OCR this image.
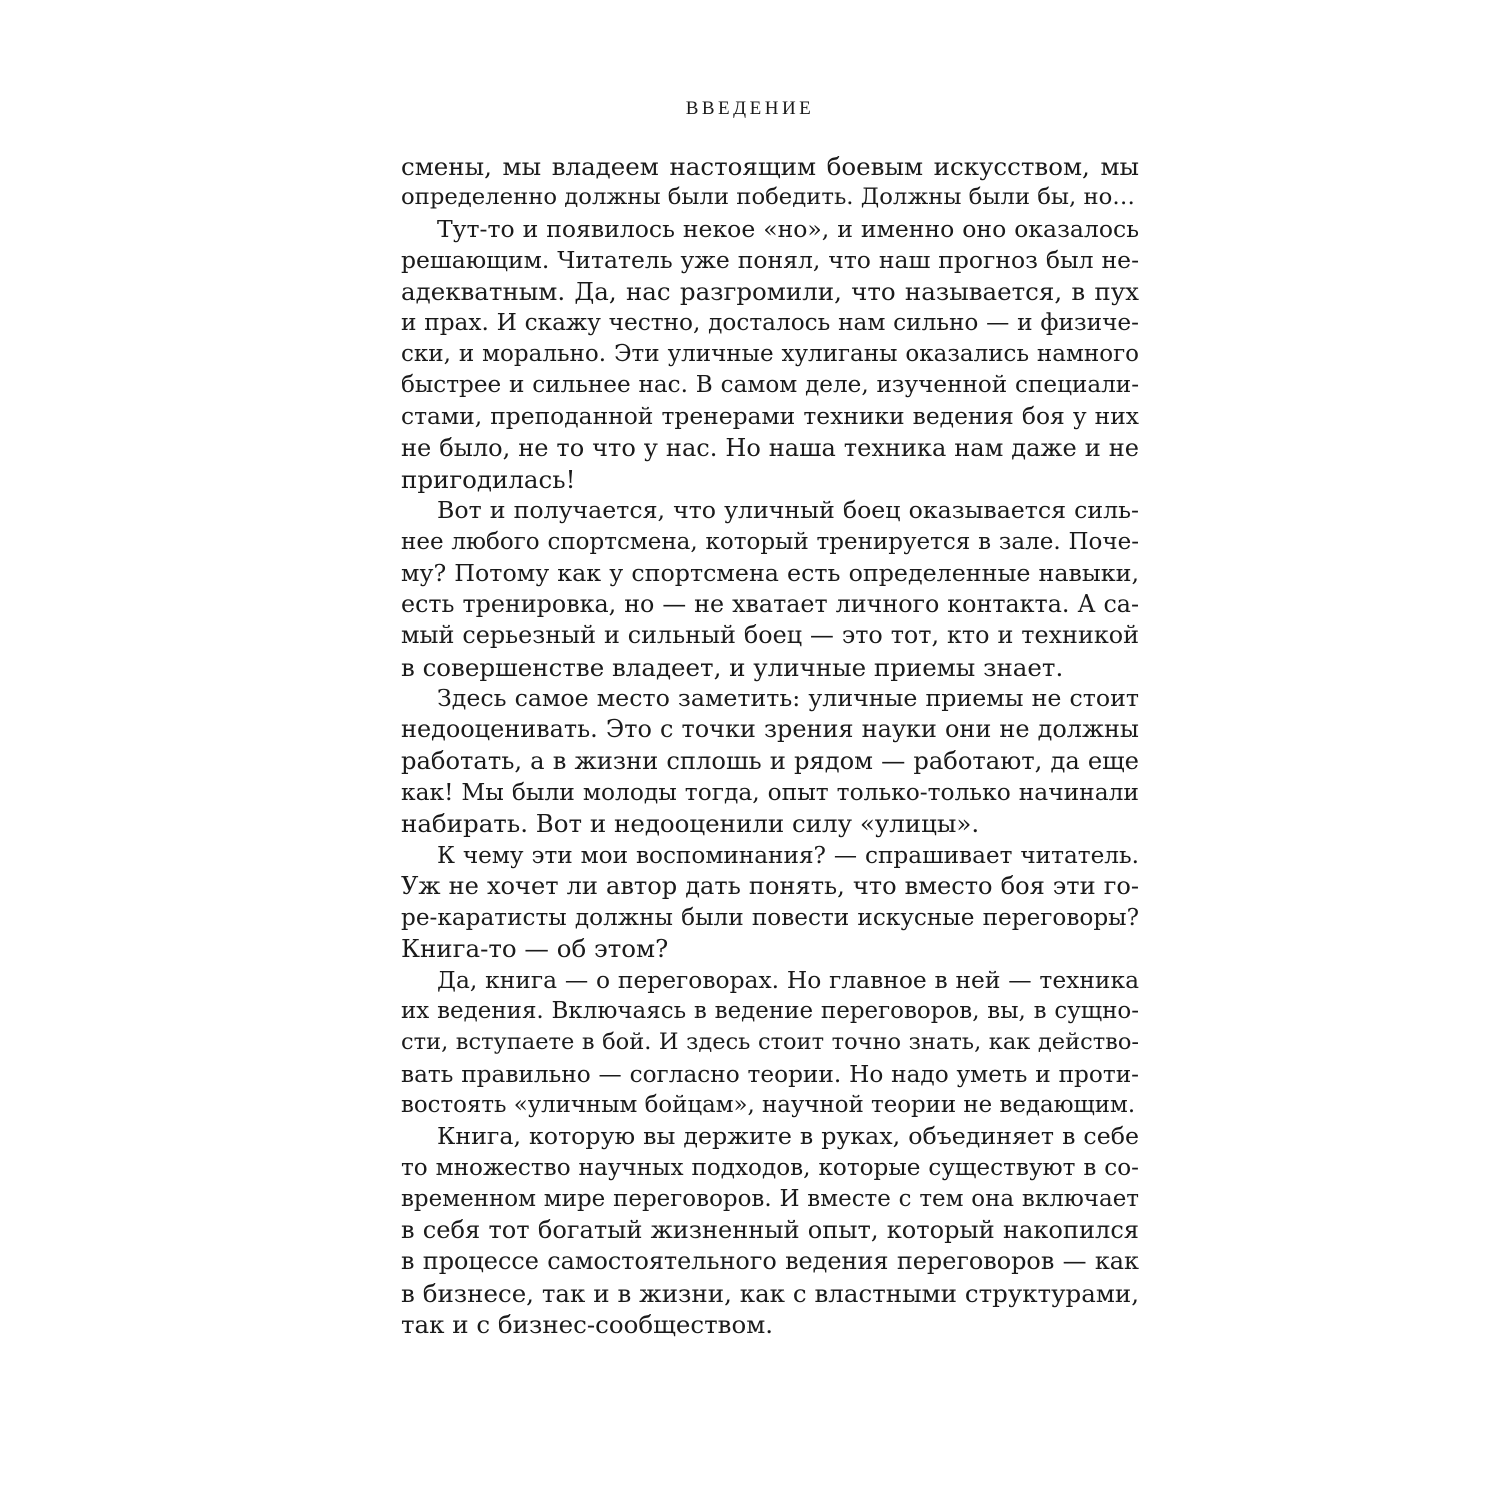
ВВЕДЕНИЕ
смены, мы владеем настоящим боевым искусством, мы
определенно должны были победить. Должны были бы, но…
Тут-то и появилось некое «но», и именно оно оказалось
решающим. Читатель уже понял, что наш прогноз был не-
адекватным. Да, нас разгромили, что называется, в пух
и прах. И скажу честно, досталось нам сильно — и физиче-
ски, и морально. Эти уличные хулиганы оказались намного
быстрее и сильнее нас. В самом деле, изученной специали-
стами, преподанной тренерами техники ведения боя у них
не было, не то что у нас. Но наша техника нам даже и не
пригодилась!
Вот и получается, что уличный боец оказывается силь-
нее любого спортсмена, который тренируется в зале. Поче-
му? Потому как у спортсмена есть определенные навыки,
есть тренировка, но — не хватает личного контакта. А са-
мый серьезный и сильный боец — это тот, кто и техникой
в совершенстве владеет, и уличные приемы знает.
Здесь самое место заметить: уличные приемы не стоит
недооценивать. Это с точки зрения науки они не должны
работать, а в жизни сплошь и рядом — работают, да еще
как! Мы были молоды тогда, опыт только-только начинали
набирать. Вот и недооценили силу «улицы».
К чему эти мои воспоминания? — спрашивает читатель.
Уж не хочет ли автор дать понять, что вместо боя эти го-
ре-каратисты должны были повести искусные переговоры?
Книга-то — об этом?
Да, книга — о переговорах. Но главное в ней — техника
их ведения. Включаясь в ведение переговоров, вы, в сущно-
сти, вступаете в бой. И здесь стоит точно знать, как действо-
вать правильно — согласно теории. Но надо уметь и проти-
востоять «уличным бойцам», научной теории не ведающим.
Книга, которую вы держите в руках, объединяет в себе
то множество научных подходов, которые существуют в со-
временном мире переговоров. И вместе с тем она включает
в себя тот богатый жизненный опыт, который накопился
в процессе самостоятельного ведения переговоров — как
в бизнесе, так и в жизни, как с властными структурами,
так и с бизнес-сообществом.
